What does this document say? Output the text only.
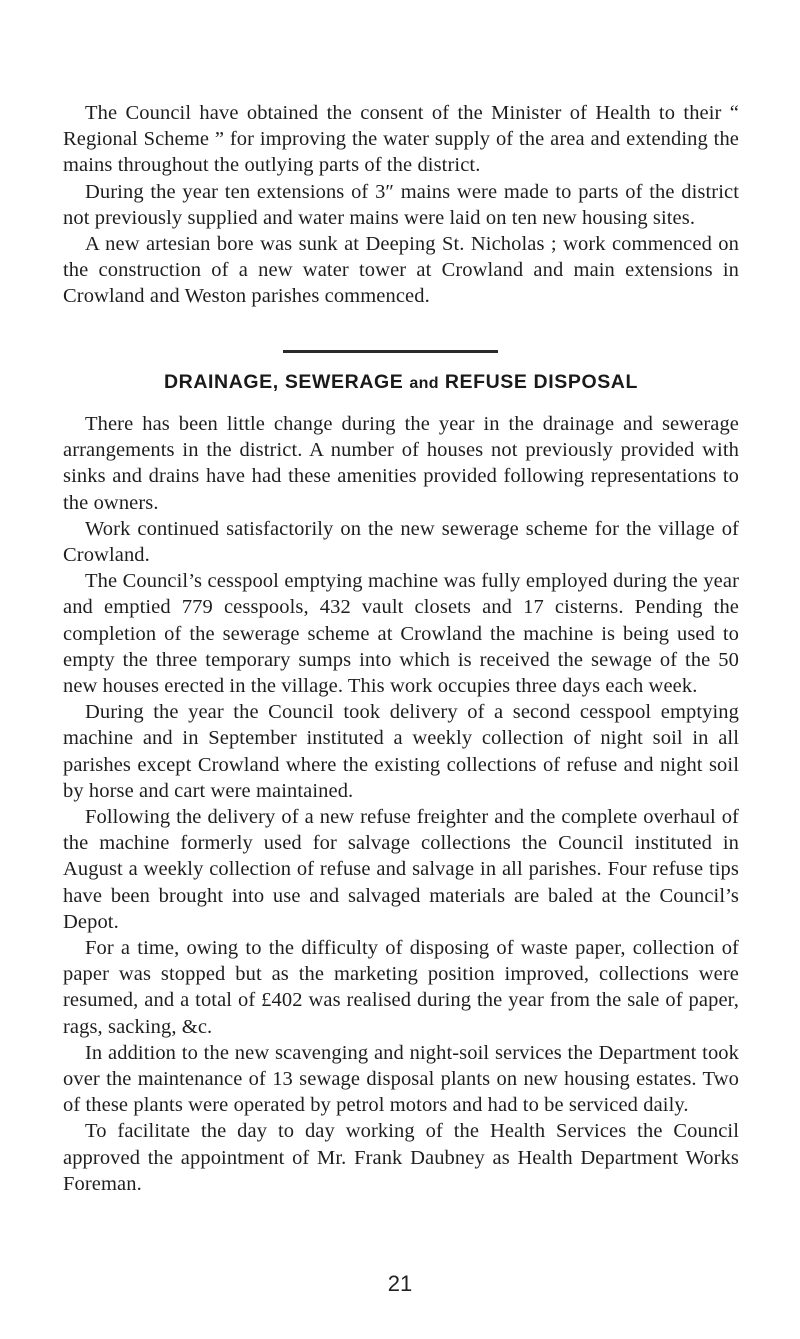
The Council have obtained the consent of the Minister of Health to their “ Regional Scheme ” for improving the water supply of the area and extending the mains throughout the outlying parts of the district.

During the year ten extensions of 3″ mains were made to parts of the district not previously supplied and water mains were laid on ten new housing sites.

A new artesian bore was sunk at Deeping St. Nicholas ; work commenced on the construction of a new water tower at Crowland and main extensions in Crowland and Weston parishes commenced.

DRAINAGE, SEWERAGE and REFUSE DISPOSAL

There has been little change during the year in the drainage and sewerage arrangements in the district. A number of houses not previously provided with sinks and drains have had these amenities provided following representations to the owners.

Work continued satisfactorily on the new sewerage scheme for the village of Crowland.

The Council’s cesspool emptying machine was fully employed during the year and emptied 779 cesspools, 432 vault closets and 17 cisterns. Pending the completion of the sewerage scheme at Crowland the machine is being used to empty the three temporary sumps into which is received the sewage of the 50 new houses erected in the village. This work occupies three days each week.

During the year the Council took delivery of a second cesspool emptying machine and in September instituted a weekly collection of night soil in all parishes except Crowland where the existing collections of refuse and night soil by horse and cart were maintained.

Following the delivery of a new refuse freighter and the complete overhaul of the machine formerly used for salvage collections the Council instituted in August a weekly collection of refuse and salvage in all parishes. Four refuse tips have been brought into use and salvaged materials are baled at the Council’s Depot.

For a time, owing to the difficulty of disposing of waste paper, collection of paper was stopped but as the marketing position improved, collections were resumed, and a total of £402 was realised during the year from the sale of paper, rags, sacking, &c.

In addition to the new scavenging and night-soil services the Department took over the maintenance of 13 sewage disposal plants on new housing estates. Two of these plants were operated by petrol motors and had to be serviced daily.

To facilitate the day to day working of the Health Services the Council approved the appointment of Mr. Frank Daubney as Health Department Works Foreman.

21
